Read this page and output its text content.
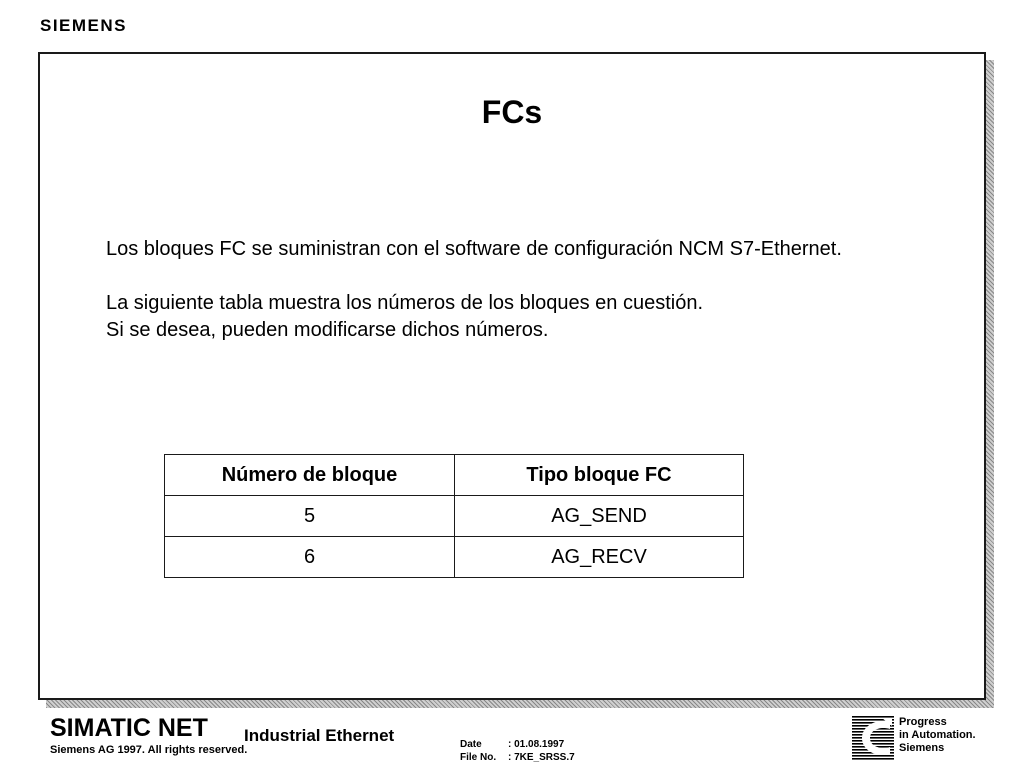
SIEMENS
FCs

Los bloques FC se suministran con el software de configuración NCM S7-Ethernet.

La siguiente tabla muestra los números de los bloques en cuestión.

Si se desea, pueden modificarse dichos números.

Número de bloque	Tipo bloque FC
5	AG_SEND
6	AG_RECV
SIMATIC NET Industrial Ethernet
Siemens AG 1997. All rights reserved.	Date	: 01.08.1997
File No. : 7KE_SRSS.7
Progress
in Automation.
Siemens
